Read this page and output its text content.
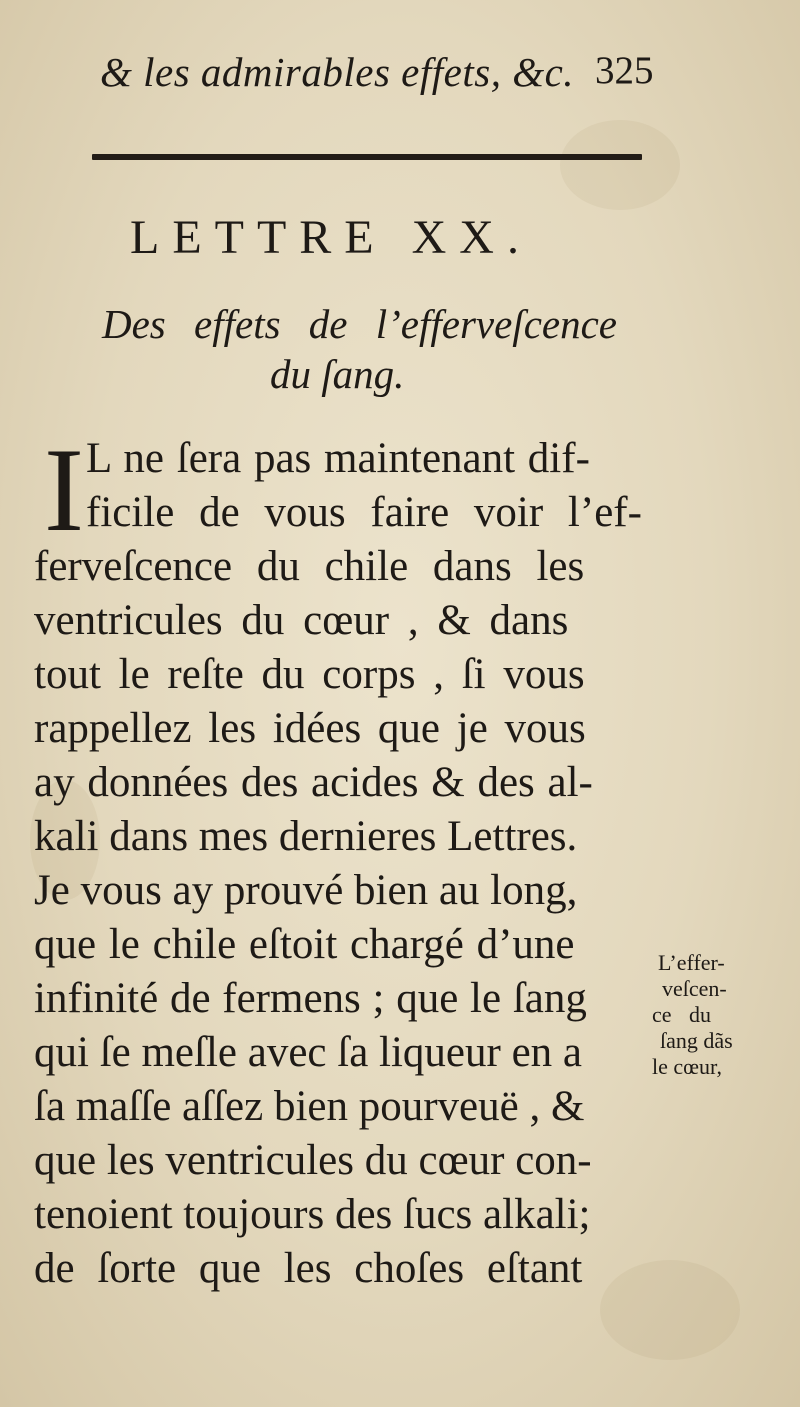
& les admirables effets, &c. 325
LETTRE XX.
Des effets de l’efferveſcence
du ſang.
I L ne ſera pas maintenant dif-
ficile de vous faire voir l’ef-
ferveſcence du chile dans les
ventricules du cœur , & dans
tout le reſte du corps , ſi vous
rappellez les idées que je vous
ay données des acides & des al-
kali dans mes dernieres Lettres.
Je vous ay prouvé bien au long,
que le chile eſtoit chargé d’une
infinité de fermens ; que le ſang
qui ſe meſle avec ſa liqueur en a
ſa maſſe aſſez bien pourveuë , &
que les ventricules du cœur con-
tenoient toujours des ſucs alkali;
de ſorte que les choſes eſtant
L’effer-
veſcen-
ce du
ſang dãs
le cœur,
